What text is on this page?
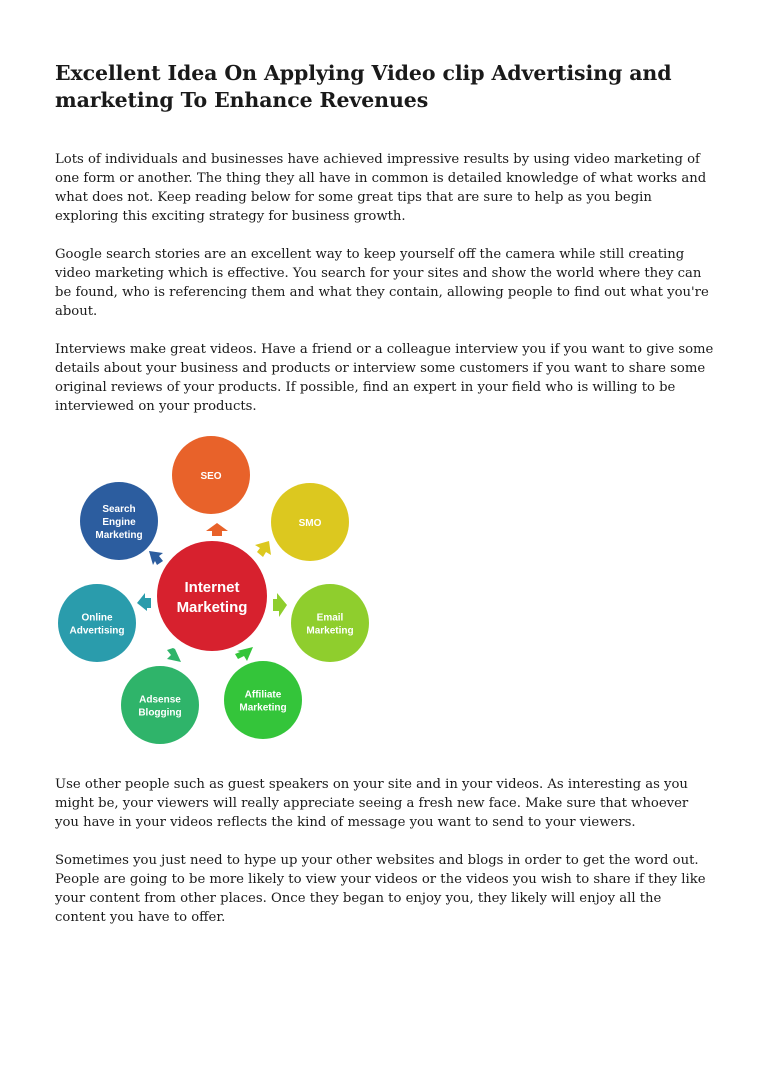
Excellent Idea On Applying Video clip Advertising and marketing To Enhance Revenues

Lots of individuals and businesses have achieved impressive results by using video marketing of one form or another. The thing they all have in common is detailed knowledge of what works and what does not. Keep reading below for some great tips that are sure to help as you begin exploring this exciting strategy for business growth.

Google search stories are an excellent way to keep yourself off the camera while still creating video marketing which is effective. You search for your sites and show the world where they can be found, who is referencing them and what they contain, allowing people to find out what you're about.

Interviews make great videos. Have a friend or a colleague interview you if you want to give some details about your business and products or interview some customers if you want to share some original reviews of your products. If possible, find an expert in your field who is willing to be interviewed on your products.

SEO
SMO
Email
Marketing
Affiliate
Marketing
Adsense
Blogging
Online
Advertising
Search
Engine
Marketing
Internet
Marketing

Use other people such as guest speakers on your site and in your videos. As interesting as you might be, your viewers will really appreciate seeing a fresh new face. Make sure that whoever you have in your videos reflects the kind of message you want to send to your viewers.

Sometimes you just need to hype up your other websites and blogs in order to get the word out. People are going to be more likely to view your videos or the videos you wish to share if they like your content from other places. Once they began to enjoy you, they likely will enjoy all the content you have to offer.
